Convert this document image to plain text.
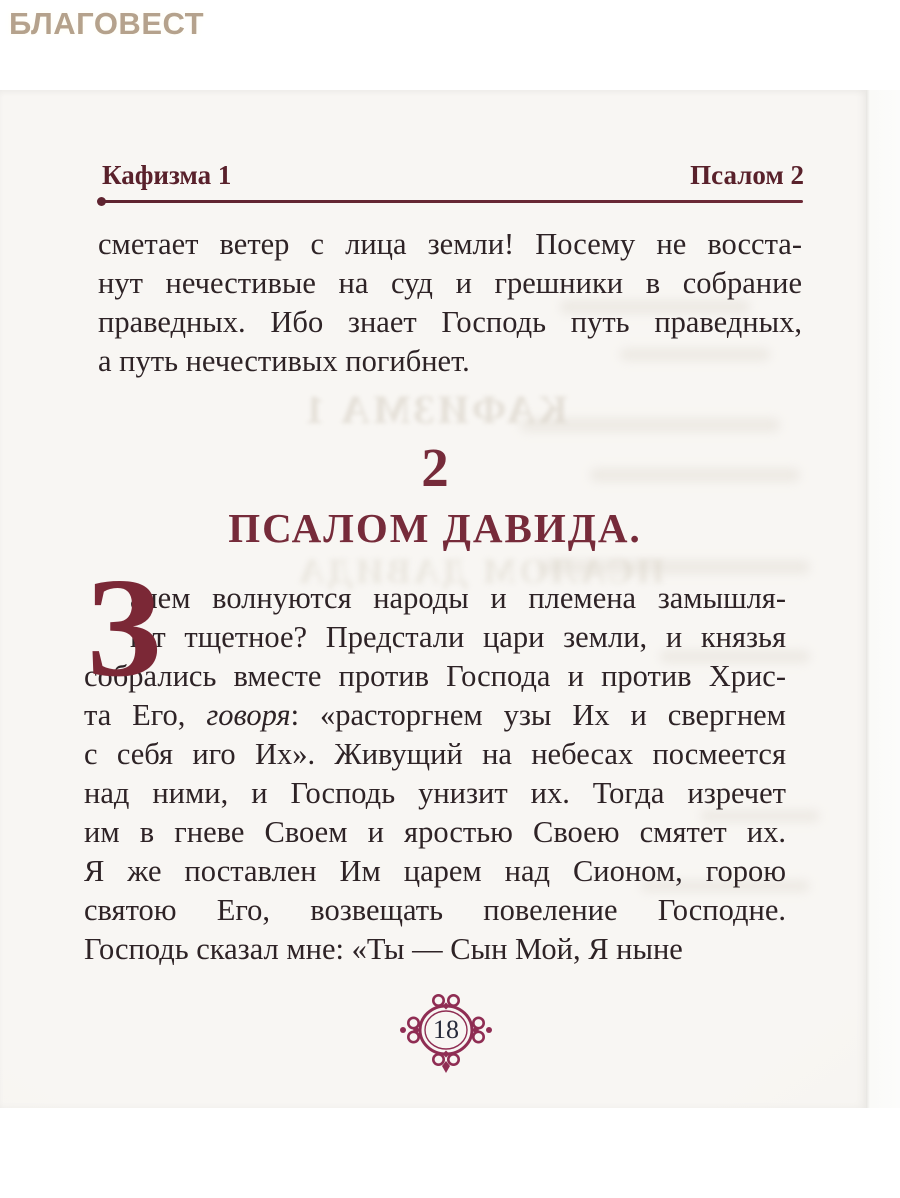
БЛАГОВЕСТ
КАФИЗМА 1
ПСАЛОМ ДАВИДА
Кафизма 1	Псалом 2
сметает ветер с лица земли! Посему не восста-
нут нечестивые на суд и грешники в собрание
праведных. Ибо знает Господь путь праведных,
а путь нечестивых погибнет.
2
ПСАЛОМ ДАВИДА.
З
ачем волнуются народы и племена замышля-
ют тщетное? Предстали цари земли, и князья
собрались вместе против Господа и против Хрис-
та Его, говоря: «расторгнем узы Их и свергнем
с себя иго Их». Живущий на небесах посмеется
над ними, и Господь унизит их. Тогда изречет
им в гневе Своем и яростью Своею смятет их.
Я же поставлен Им царем над Сионом, горою
святою Его, возвещать повеление Господне.
Господь сказал мне: «Ты — Сын Мой, Я ныне
18
